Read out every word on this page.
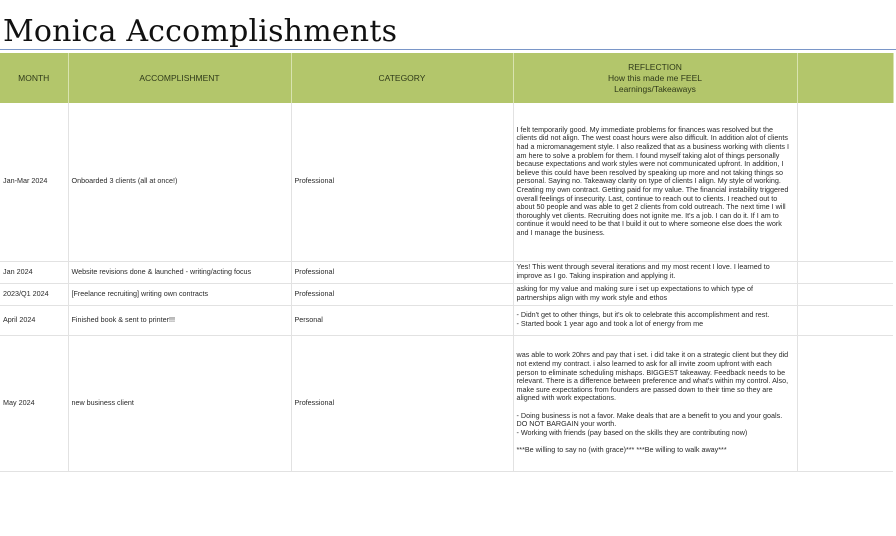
Monica Accomplishments
MONTH	ACCOMPLISHMENT	CATEGORY	REFLECTION
How this made me FEEL
Learnings/Takeaways	

Jan-Mar 2024	Onboarded 3 clients (all at once!)	Professional	I felt temporarily good. My immediate problems for finances was resolved but the clients did not align. The west coast hours were also difficult. In addition alot of clients had a micromanagement style. I also realized that as a business working with clients I am here to solve a problem for them. I found myself taking alot of things personally because expectations and work styles were not communicated upfront. In addition, I believe this could have been resolved by speaking up more and not taking things so personal. Saying no. Takeaway clarity on type of clients I align. My style of working. Creating my own contract. Getting paid for my value. The financial instability triggered overall feelings of insecurity. Last, continue to reach out to clients. I reached out to about 50 people and was able to get 2 clients from cold outreach. The next time I will thoroughly vet clients. Recruiting does not ignite me. It's a job. I can do it. If I am to continue it would need to be that I build it out to where someone else does the work and I manage the business.	

Jan 2024	Website revisions done & launched - writing/acting focus	Professional	Yes! This went through several iterations and my most recent I love. I learned to improve as I go. Taking inspiration and applying it.	

2023/Q1 2024	[Freelance recruiting] writing own contracts	Professional	asking for my value and making sure i set up expectations to which type of partnerships align with my work style and ethos	

April 2024	Finished book & sent to printer!!!	Personal	- Didn't get to other things, but it's ok to celebrate this accomplishment and rest.
- Started book 1 year ago and took a lot of energy from me	

May 2024	new business client	Professional	was able to work 20hrs and pay that i set. i did take it on a strategic client but they did not extend my contract. i also learned to ask for all invite zoom upfront with each person to eliminate scheduling mishaps. BIGGEST takeaway. Feedback needs to be relevant. There is a difference between preference and what's within my control. Also, make sure expectations from founders are passed down to their time so they are aligned with work expectations.
- Doing business is not a favor. Make deals that are a benefit to you and your goals. DO NOT BARGAIN your worth.
- Working with friends (pay based on the skills they are contributing now)
***Be willing to say no (with grace)*** ***Be willing to walk away***	
